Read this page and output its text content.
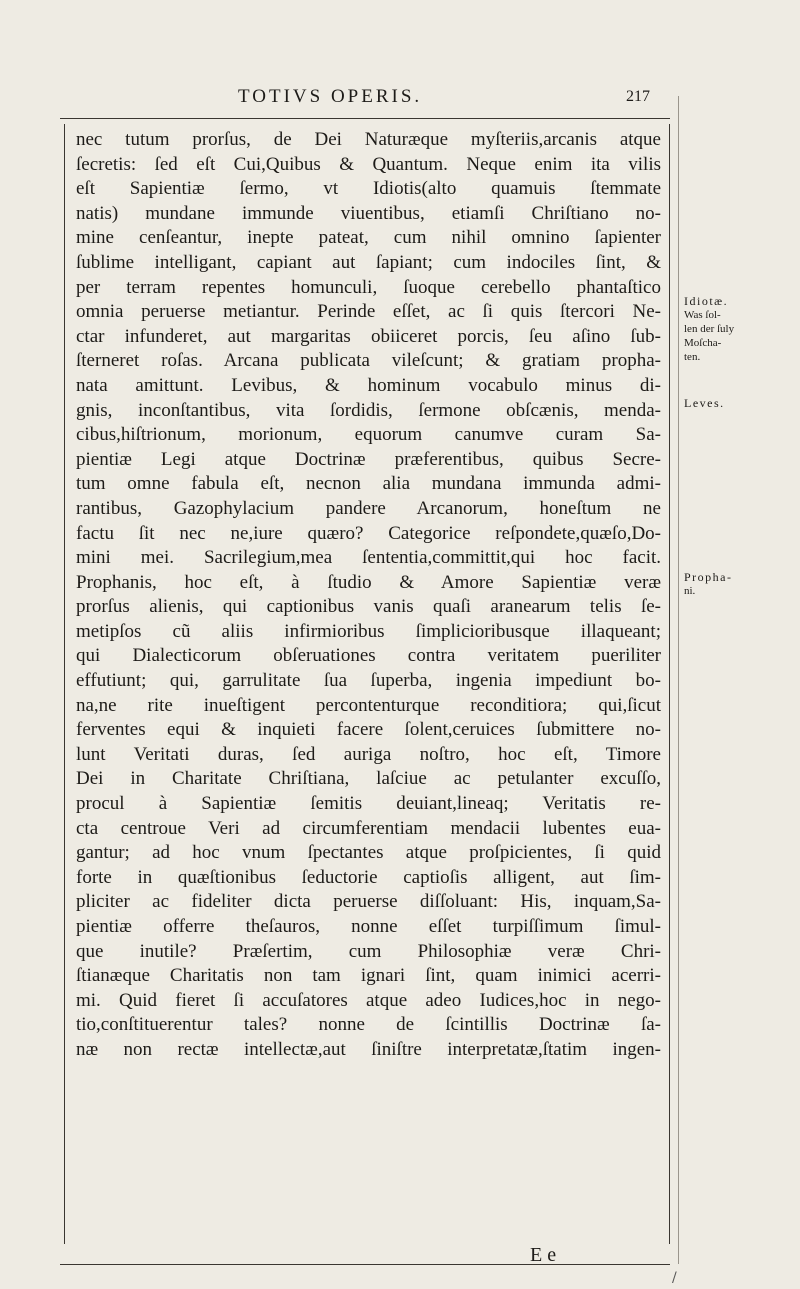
TOTIVS OPERIS.	217
nec tutum prorſus, de Dei Naturæque myſteriis,arcanis atque
ſecretis: ſed eſt Cui,Quibus & Quantum. Neque enim ita vilis
eſt Sapientiæ ſermo, vt Idiotis(alto quamuis ſtemmate
natis) mundane immunde viuentibus, etiamſi Chriſtiano no-
mine cenſeantur, inepte pateat, cum nihil omnino ſapienter
ſublime intelligant, capiant aut ſapiant; cum indociles ſint, &
per terram repentes homunculi, ſuoque cerebello phantaſtico
omnia peruerse metiantur. Perinde eſſet, ac ſi quis ſtercori Ne-
ctar infunderet, aut margaritas obiiceret porcis, ſeu aſino ſub-
ſterneret roſas. Arcana publicata vileſcunt; & gratiam propha-
nata amittunt. Levibus, & hominum vocabulo minus di-
gnis, inconſtantibus, vita ſordidis, ſermone obſcænis, menda-
cibus,hiſtrionum, morionum, equorum canumve curam Sa-
pientiæ Legi atque Doctrinæ præferentibus, quibus Secre-
tum omne fabula eſt, necnon alia mundana immunda admi-
rantibus, Gazophylacium pandere Arcanorum, honeſtum ne
factu ſit nec ne,iure quæro? Categorice reſpondete,quæſo,Do-
mini mei. Sacrilegium,mea ſententia,committit,qui hoc facit.
Prophanis, hoc eſt, à ſtudio & Amore Sapientiæ veræ
prorſus alienis, qui captionibus vanis quaſi aranearum telis ſe-
metipſos cũ aliis infirmioribus ſimplicioribusque illaqueant;
qui Dialecticorum obſeruationes contra veritatem pueriliter
effutiunt; qui, garrulitate ſua ſuperba, ingenia impediunt bo-
na,ne rite inueſtigent percontenturque reconditiora; qui,ſicut
ferventes equi & inquieti facere ſolent,ceruices ſubmittere no-
lunt Veritati duras, ſed auriga noſtro, hoc eſt, Timore
Dei in Charitate Chriſtiana, laſciue ac petulanter excuſſo,
procul à Sapientiæ ſemitis deuiant,lineaq; Veritatis re-
cta centroue Veri ad circumferentiam mendacii lubentes eua-
gantur; ad hoc vnum ſpectantes atque proſpicientes, ſi quid
forte in quæſtionibus ſeductorie captioſis alligent, aut ſim-
pliciter ac fideliter dicta peruerse diſſoluant: His, inquam,Sa-
pientiæ offerre theſauros, nonne eſſet turpiſſimum ſimul-
que inutile? Præſertim, cum Philosophiæ veræ Chri-
ſtianæque Charitatis non tam ignari ſint, quam inimici acerri-
mi. Quid fieret ſi accuſatores atque adeo Iudices,hoc in nego-
tio,conſtituerentur tales? nonne de ſcintillis Doctrinæ ſa-
næ non rectæ intellectæ,aut ſiniſtre interpretatæ,ſtatim ingen-
Idiotæ.
Was ſol-
len der ſuly
Moſcha-
ten.
Leves.
Propha-
ni.
E e
/
